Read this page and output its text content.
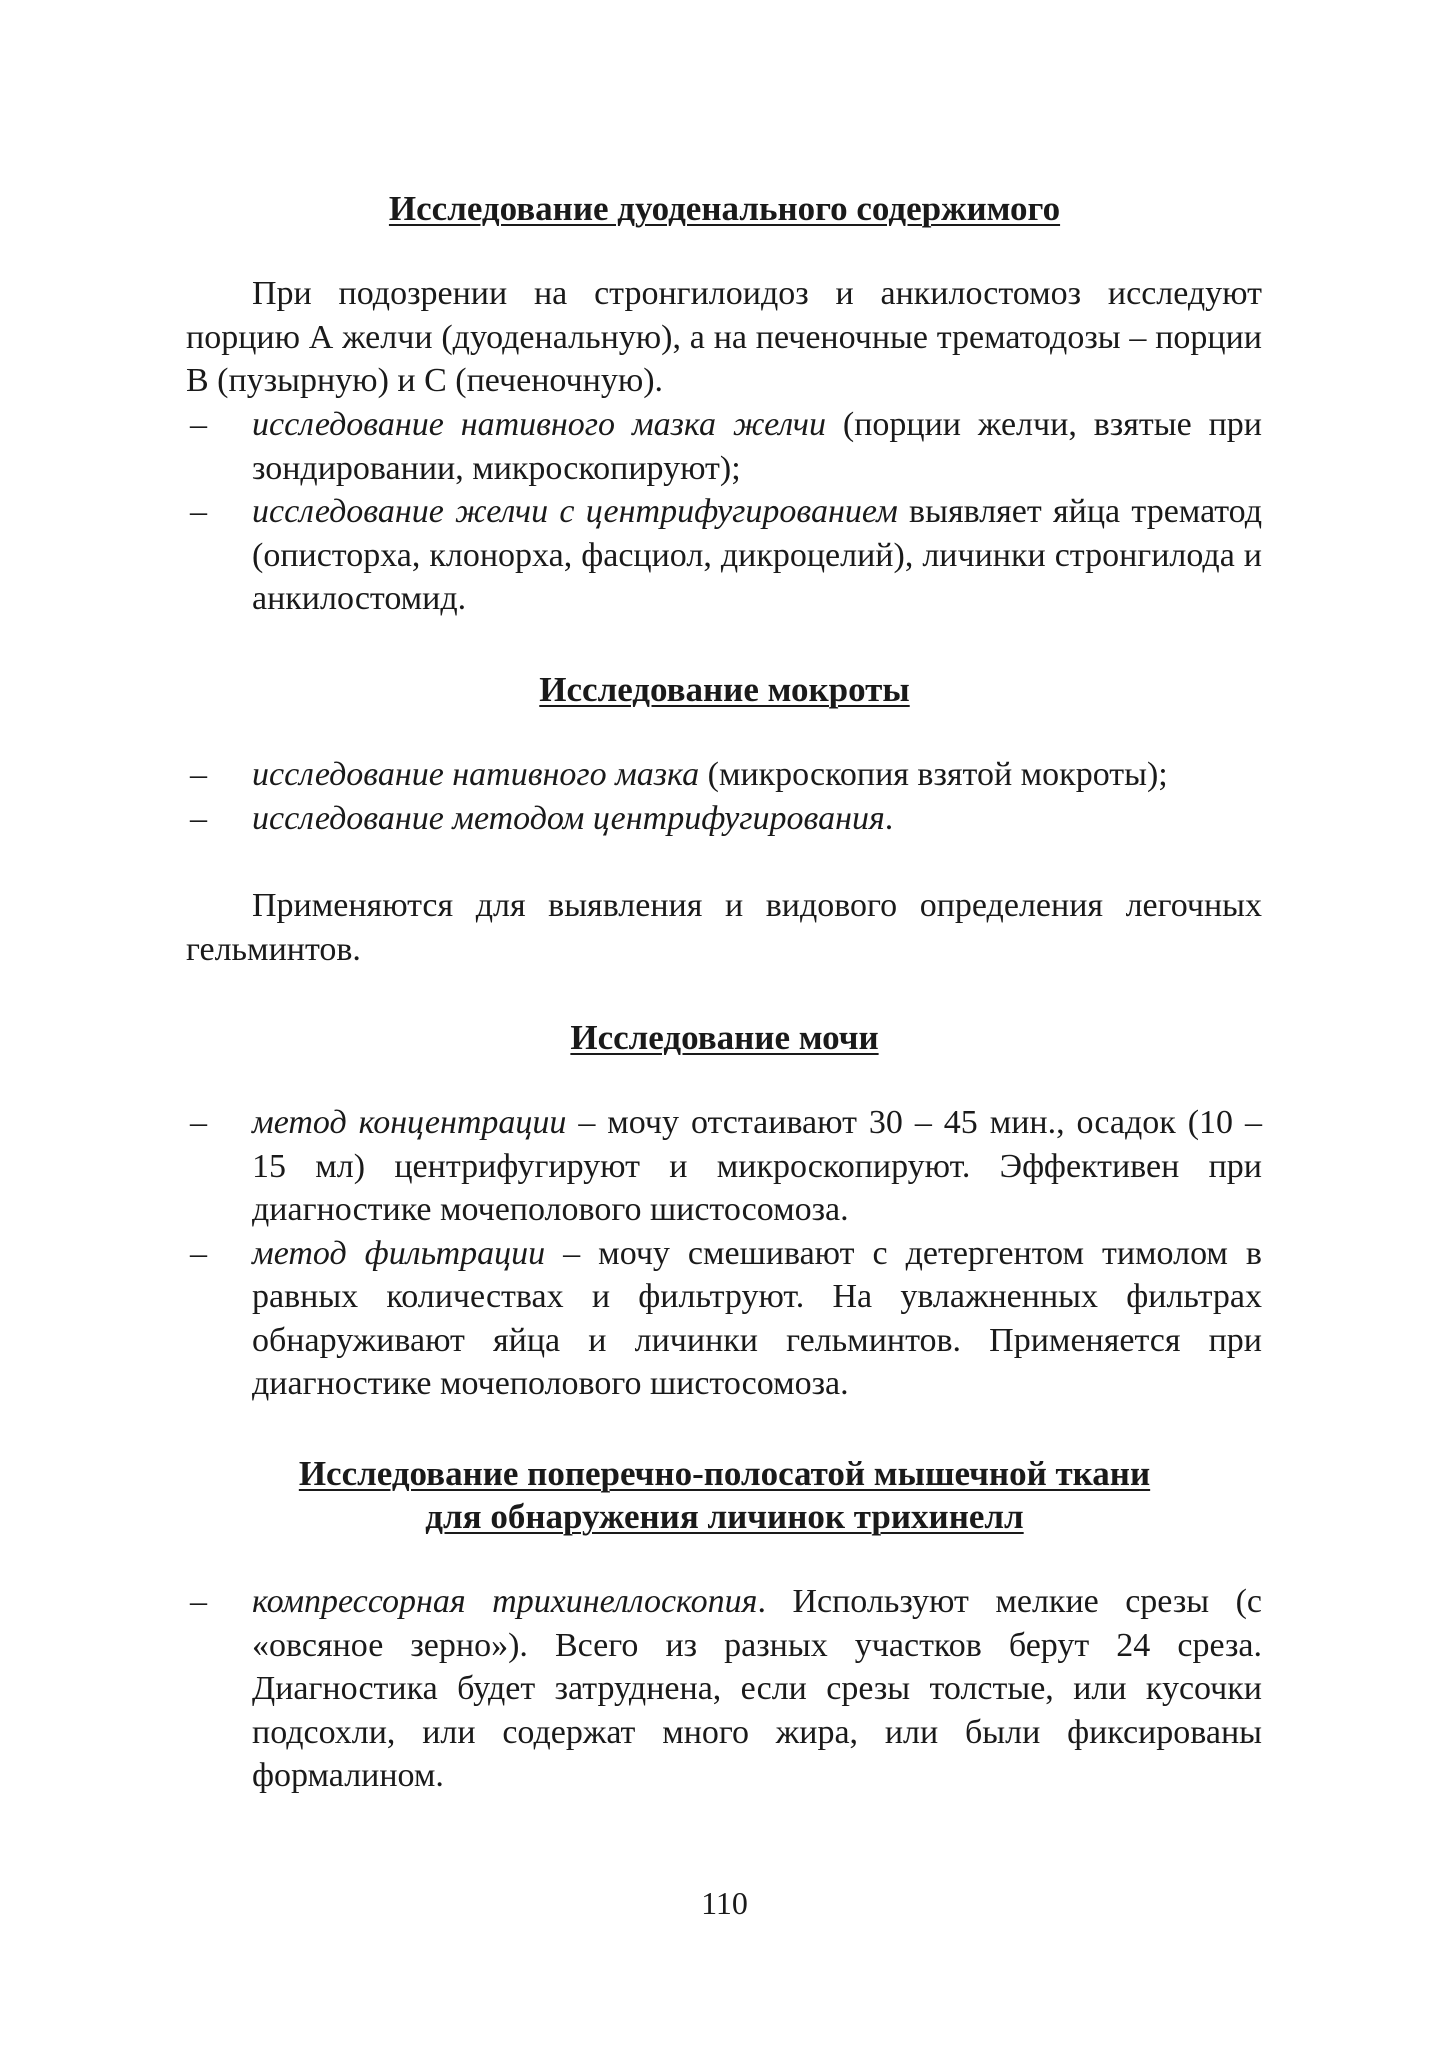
Исследование дуоденального содержимого

При подозрении на стронгилоидоз и анкилостомоз исследуют порцию А желчи (дуоденальную), а на печеночные трематодозы – порции В (пузырную) и С (печеночную).

– исследование нативного мазка желчи (порции желчи, взятые при зондировании, микроскопируют);
– исследование желчи с центрифугированием выявляет яйца трематод (описторха, клонорха, фасциол, дикроцелий), личинки стронгилода и анкилостомид.
Исследование мокроты
– исследование нативного мазка (микроскопия взятой мокроты);
– исследование методом центрифугирования.

Применяются для выявления и видового определения легочных гельминтов.

Исследование мочи
– метод концентрации – мочу отстаивают 30 – 45 мин., осадок (10 – 15 мл) центрифугируют и микроскопируют. Эффективен при диагностике мочеполового шистосомоза.
– метод фильтрации – мочу смешивают с детергентом тимолом в равных количествах и фильтруют. На увлажненных фильтрах обнаруживают яйца и личинки гельминтов. Применяется при диагностике мочеполового шистосомоза.
Исследование поперечно-полосатой мышечной ткани
для обнаружения личинок трихинелл
– компрессорная трихинеллоскопия. Используют мелкие срезы (с «овсяное зерно»). Всего из разных участков берут 24 среза. Диагностика будет затруднена, если срезы толстые, или кусочки подсохли, или содержат много жира, или были фиксированы формалином.

110
